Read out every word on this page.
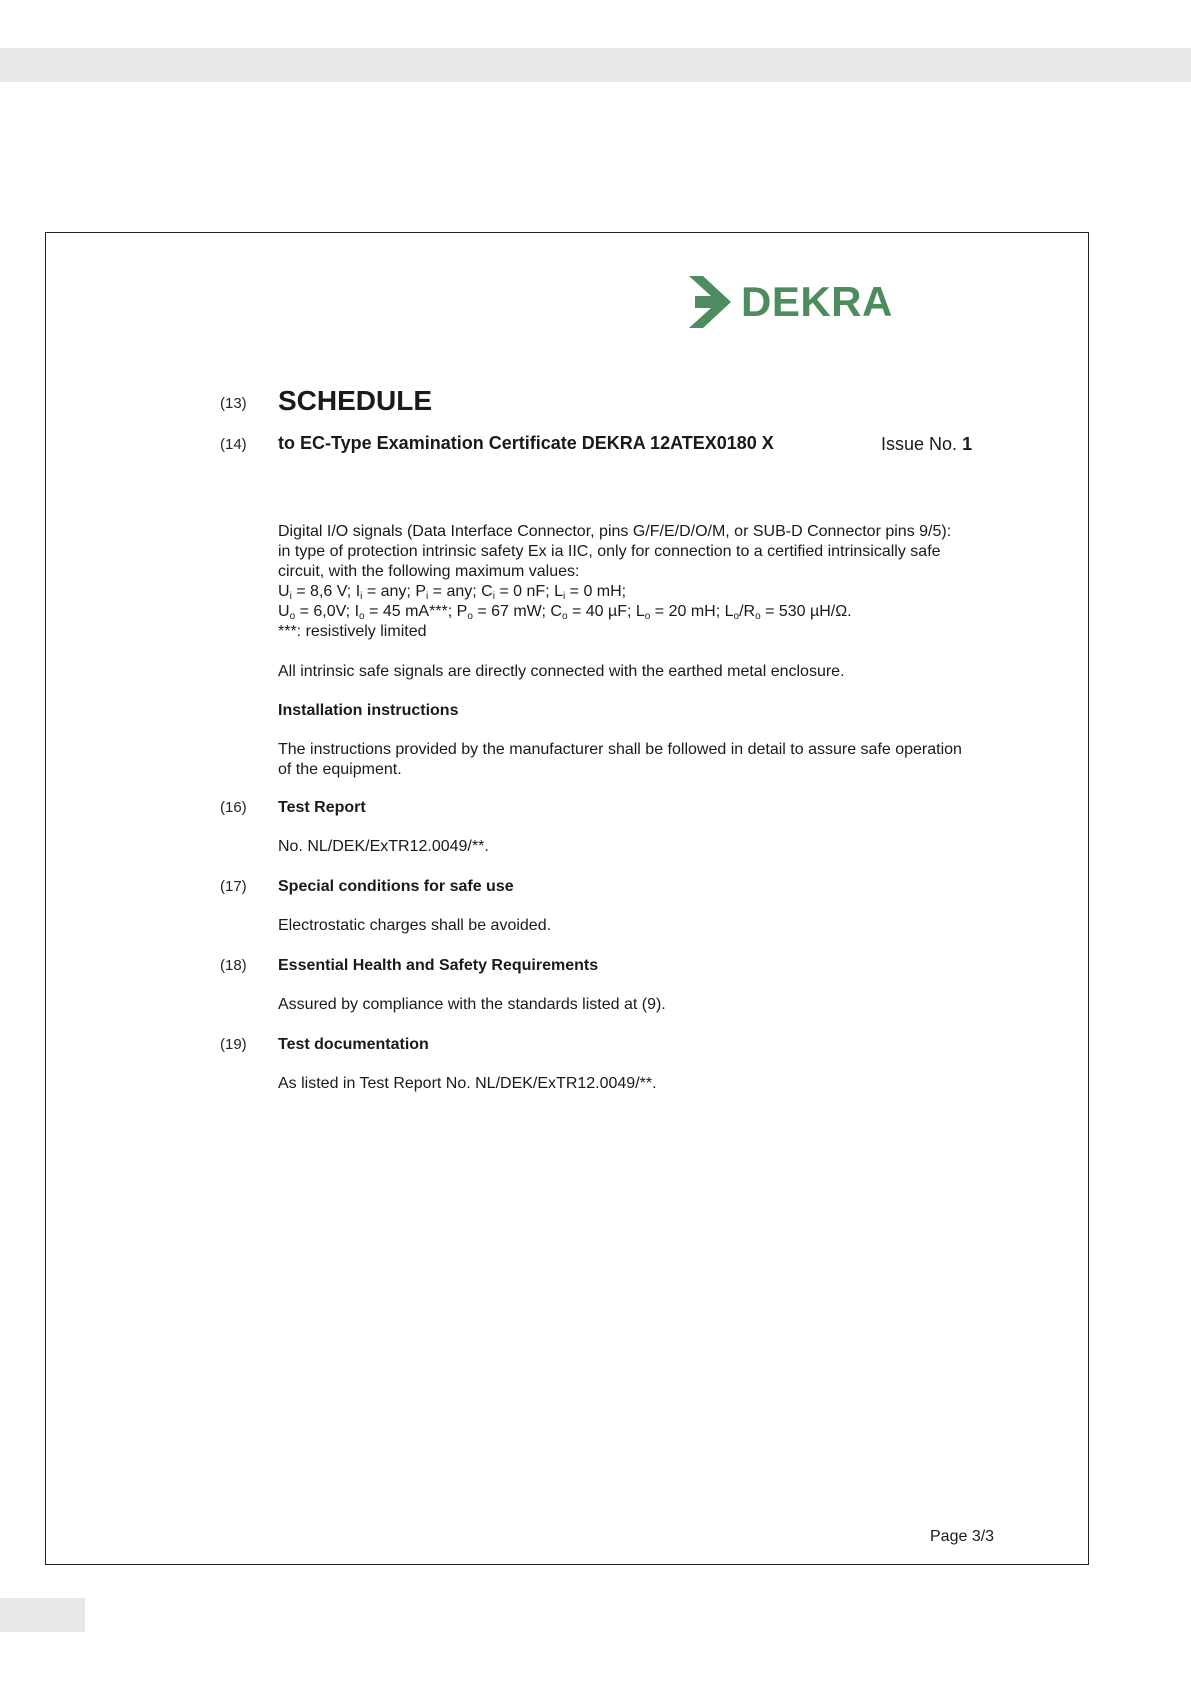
DEKRA
(13) SCHEDULE
(14) to EC-Type Examination Certificate DEKRA 12ATEX0180 X	Issue No. 1

Digital I/O signals (Data Interface Connector, pins G/F/E/D/O/M, or SUB-D Connector pins 9/5):

in type of protection intrinsic safety Ex ia IIC, only for connection to a certified intrinsically safe

circuit, with the following maximum values:

$U_i = 8,6$ V; $I_i$ = any; $P_i$ = any; $C_i = 0$ nF; $L_i = 0$ mH;

$U_o = 6,0V$; $I_o = 45$ mA***; $P_o = 67$ mW; $C_o = 40$ µF; $L_o = 20$ mH; $L_o/R_o = 530$ µH/Ω.

***: resistively limited

All intrinsic safe signals are directly connected with the earthed metal enclosure.
Installation instructions

The instructions provided by the manufacturer shall be followed in detail to assure safe operation

of the equipment.

(16) Test Report
No. NL/DEK/ExTR12.0049/**.
(17) Special conditions for safe use
Electrostatic charges shall be avoided.
(18) Essential Health and Safety Requirements
Assured by compliance with the standards listed at (9).
(19) Test documentation
As listed in Test Report No. NL/DEK/ExTR12.0049/**.
Page 3/3
